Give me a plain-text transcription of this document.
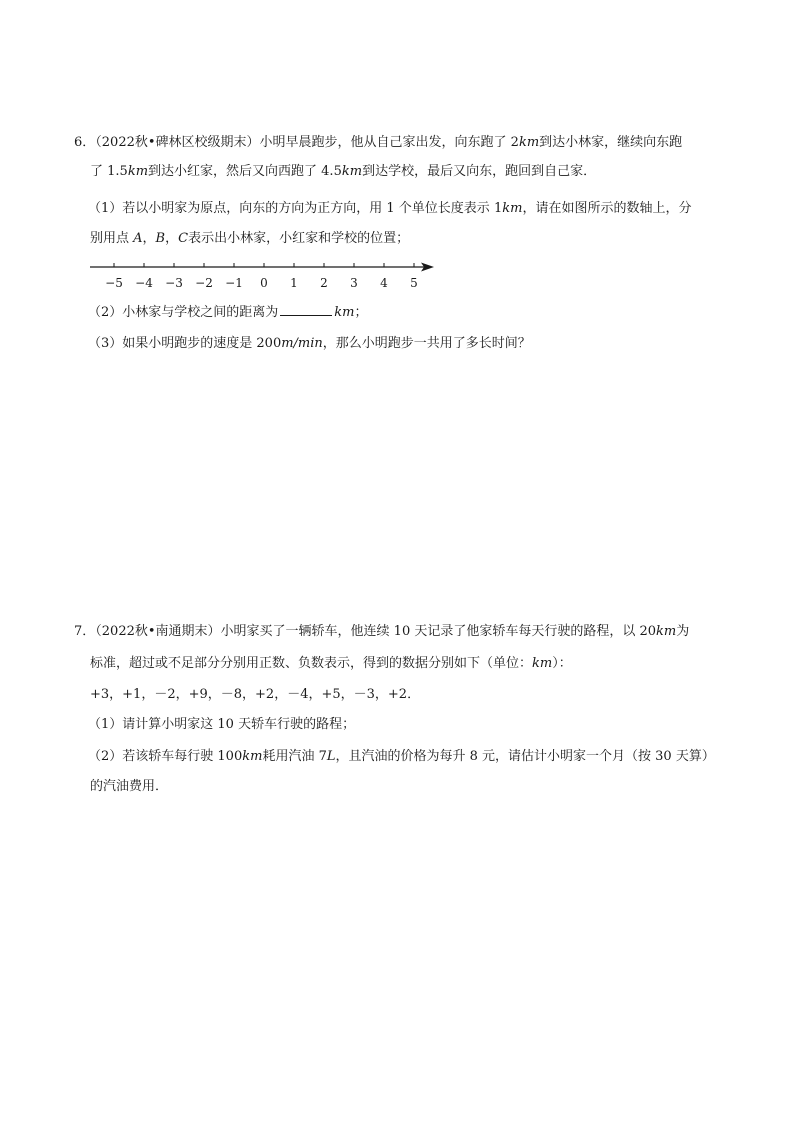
6．（2022秋•碑林区校级期末）小明早晨跑步，他从自己家出发，向东跑了 2km到达小林家，继续向东跑
了 1.5km到达小红家，然后又向西跑了 4.5km到达学校，最后又向东，跑回到自己家．
（1）若以小明家为原点，向东的方向为正方向，用 1 个单位长度表示 1km，请在如图所示的数轴上，分
别用点 A，B，C表示出小林家，小红家和学校的位置；
−5 −4 −3 −2 −1 0 1 2 3 4 5
（2）小林家与学校之间的距离为	km；
（3）如果小明跑步的速度是 200m/min，那么小明跑步一共用了多长时间？
7．（2022秋•南通期末）小明家买了一辆轿车，他连续 10 天记录了他家轿车每天行驶的路程，以 20km为
标准，超过或不足部分分别用正数、负数表示，得到的数据分别如下（单位：km）：
+3，+1，－2，+9，－8，+2，－4，+5，－3，+2．
（1）请计算小明家这 10 天轿车行驶的路程；
（2）若该轿车每行驶 100km耗用汽油 7L，且汽油的价格为每升 8 元，请估计小明家一个月（按 30 天算）
的汽油费用．
